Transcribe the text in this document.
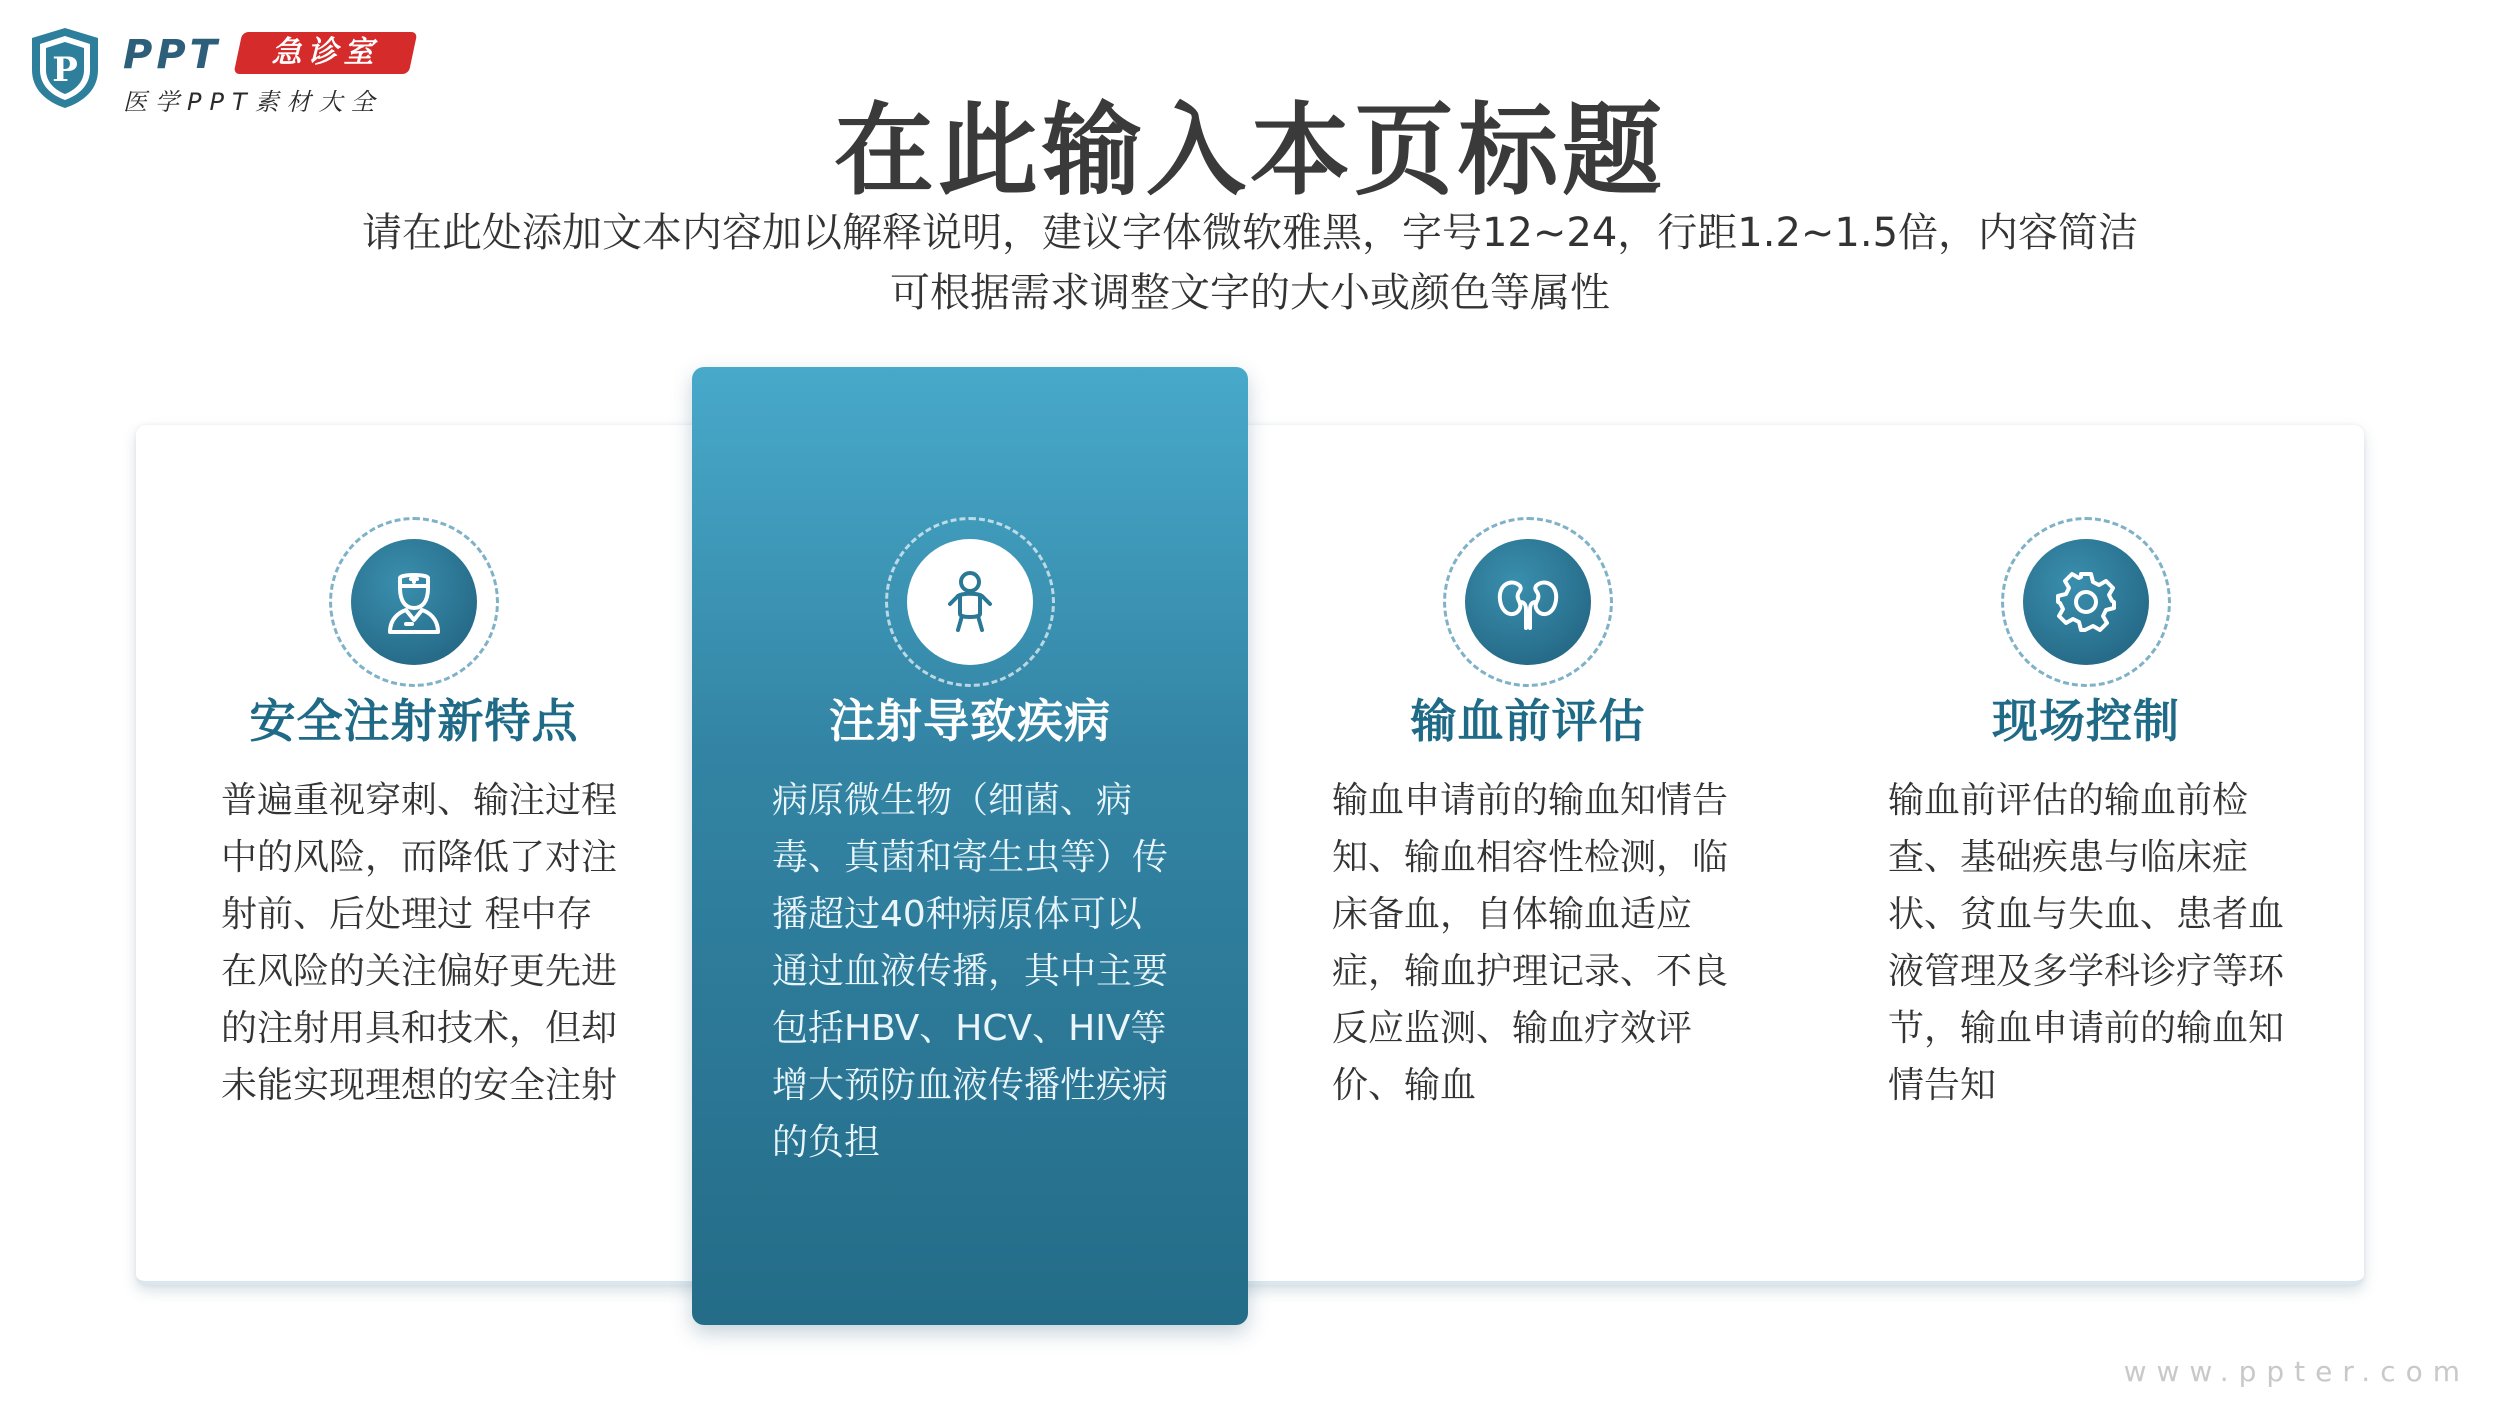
P PPT	急诊室
医学PPT素材大全	在此输入本页标题
请在此处添加文本内容加以解释说明，建议字体微软雅黑，字号12~24，行距1.2~1.5倍，内容简洁
可根据需求调整文字的大小或颜色等属性
安全注射新特点
普遍重视穿刺、输注过程中的风险，而降低了对注射前、后处理过 程中存在风险的关注偏好更先进的注射用具和技术，但却未能实现理想的安全注射
注射导致疾病
病原微生物（细菌、病毒、真菌和寄生虫等）传播超过40种病原体可以通过血液传播，其中主要包括HBV、HCV、HIV等增大预防血液传播性疾病的负担
输血前评估
输血申请前的输血知情告知、输血相容性检测，临床备血，自体输血适应症，输血护理记录、不良反应监测、输血疗效评价、输血
现场控制
输血前评估的输血前检查、基础疾患与临床症状、贫血与失血、患者血液管理及多学科诊疗等环节，输血申请前的输血知情告知
www.ppter.com
